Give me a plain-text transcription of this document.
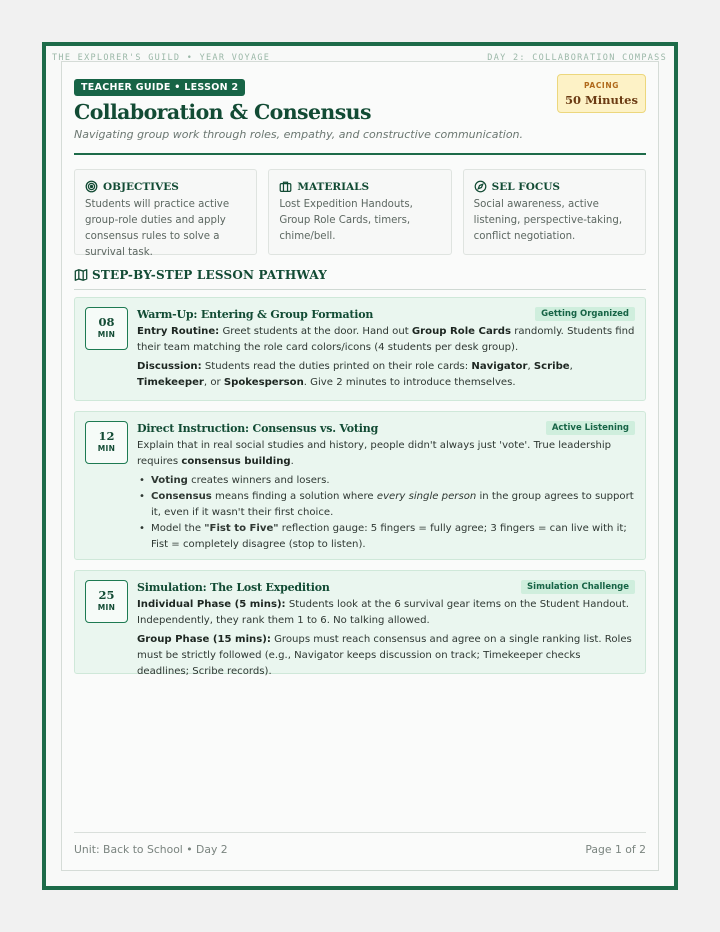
THE EXPLORER'S GUILD • YEAR VOYAGE	DAY 2: COLLABORATION COMPASS
TEACHER GUIDE • LESSON 2	PACING
50 Minutes
Collaboration & Consensus
Navigating group work through roles, empathy, and constructive communication.
OBJECTIVES
Students will practice active group-role duties and apply consensus rules to solve a survival task.
MATERIALS
Lost Expedition Handouts, Group Role Cards, timers, chime/bell.
SEL FOCUS
Social awareness, active listening, perspective-taking, conflict negotiation.
STEP-BY-STEP LESSON PATHWAY
08
MIN
Warm-Up: Entering & Group Formation	Getting Organized
Entry Routine: Greet students at the door. Hand out Group Role Cards randomly. Students find their team matching the role card colors/icons (4 students per desk group).
Discussion: Students read the duties printed on their role cards: Navigator, Scribe, Timekeeper, or Spokesperson. Give 2 minutes to introduce themselves.
12
MIN
Direct Instruction: Consensus vs. Voting	Active Listening
Explain that in real social studies and history, people didn't always just 'vote'. True leadership requires consensus building.
• Voting creates winners and losers.
• Consensus means finding a solution where every single person in the group agrees to support it, even if it wasn't their first choice.
• Model the "Fist to Five" reflection gauge: 5 fingers = fully agree; 3 fingers = can live with it; Fist = completely disagree (stop to listen).
25
MIN
Simulation: The Lost Expedition	Simulation Challenge
Individual Phase (5 mins): Students look at the 6 survival gear items on the Student Handout. Independently, they rank them 1 to 6. No talking allowed.
Group Phase (15 mins): Groups must reach consensus and agree on a single ranking list. Roles must be strictly followed (e.g., Navigator keeps discussion on track; Timekeeper checks deadlines; Scribe records).
Unit: Back to School • Day 2	Page 1 of 2
